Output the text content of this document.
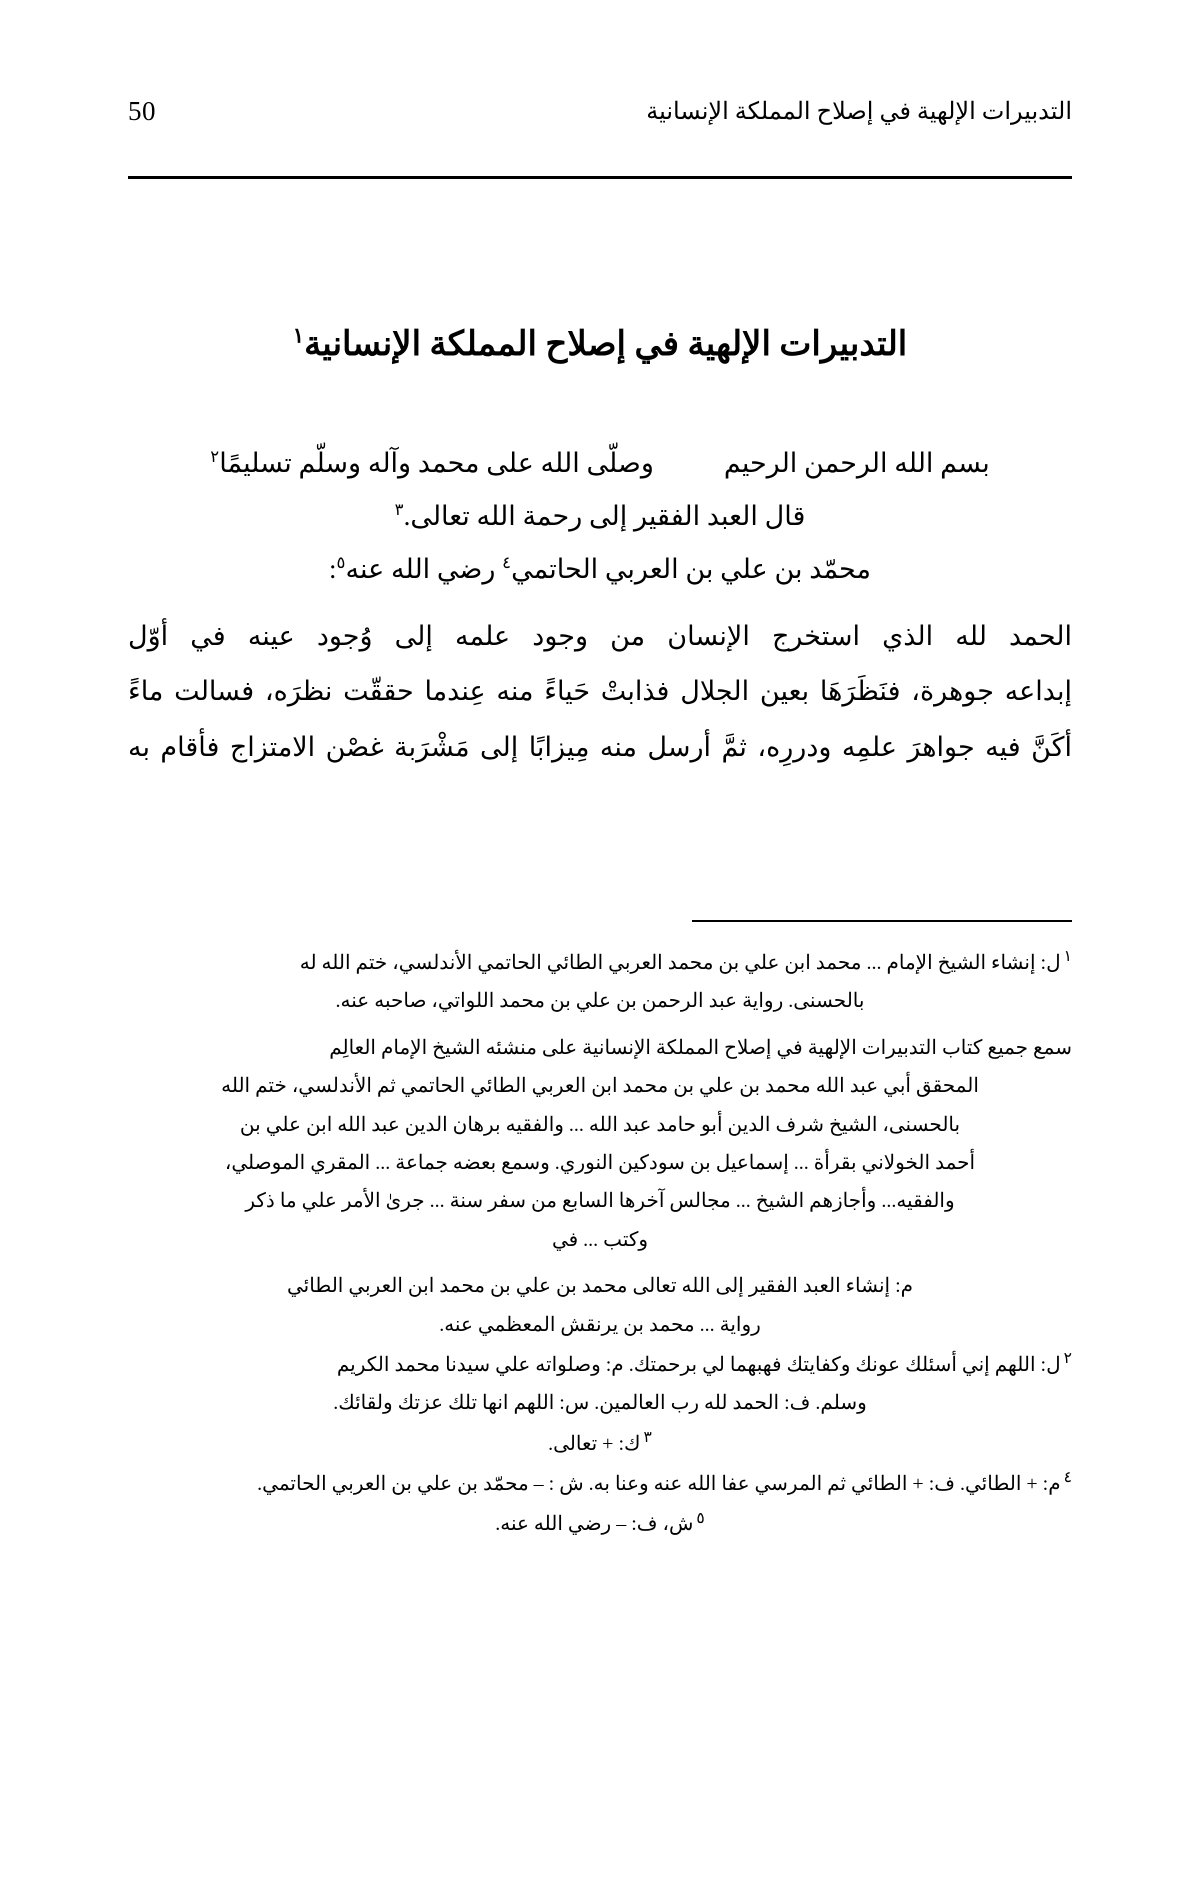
التدبيرات الإلهية في إصلاح المملكة الإنسانية
50
التدبيرات الإلهية في إصلاح المملكة الإنسانية$^١$
بسم الله الرحمن الرحيموصلّى الله على محمد وآله وسلّم تسليمًا$^٢$
قال العبد الفقير إلى رحمة الله تعالى.$^٣$
محمّد بن علي بن العربي الحاتمي$^٤$ رضي الله عنه$^٥$:
الحمد لله الذي استخرج الإنسان من وجود علمه إلى وُجود عينه في أوّل
إبداعه جوهرة، فنَظَرَهَا بعين الجلال فذابتْ حَياءً منه عِندما حققّت نظرَه، فسالت ماءً
أكَنَّ فيه جواهرَ علمِه ودررِه، ثمَّ أرسل منه مِيزابًا إلى مَشْرَبة غصْن الامتزاج فأقام به
$^١$ل: إنشاء الشيخ الإمام ... محمد ابن علي بن محمد العربي الطائي الحاتمي الأندلسي، ختم الله له
بالحسنى. رواية عبد الرحمن بن علي بن محمد اللواتي، صاحبه عنه.
سمع جميع كتاب التدبيرات الإلهية في إصلاح المملكة الإنسانية على منشئه الشيخ الإمام العالِم
المحقق أبي عبد الله محمد بن علي بن محمد ابن العربي الطائي الحاتمي ثم الأندلسي، ختم الله
بالحسنى، الشيخ شرف الدين أبو حامد عبد الله ... والفقيه برهان الدين عبد الله ابن علي بن
أحمد الخولاني بقرأة ... إسماعيل بن سودكين النوري. وسمع بعضه جماعة ... المقري الموصلي،
والفقيه... وأجازهم الشيخ ... مجالس آخرها السابع من سفر سنة ... جرىٰ الأمر علي ما ذكر
وكتب ... في
م: إنشاء العبد الفقير إلى الله تعالى محمد بن علي بن محمد ابن العربي الطائي
رواية ... محمد بن يرنقش المعظمي عنه.
$^٢$ل: اللهم إني أسئلك عونك وكفايتك فهبهما لي برحمتك. م: وصلواته علي سيدنا محمد الكريم
وسلم. ف: الحمد لله رب العالمين. س: اللهم انها تلك عزتك ولقائك.
$^٣$ك: + تعالى.
$^٤$م: + الطائي. ف: + الطائي ثم المرسي عفا الله عنه وعنا به. ش : – محمّد بن علي بن العربي الحاتمي.
$^٥$ش، ف: – رضي الله عنه.
